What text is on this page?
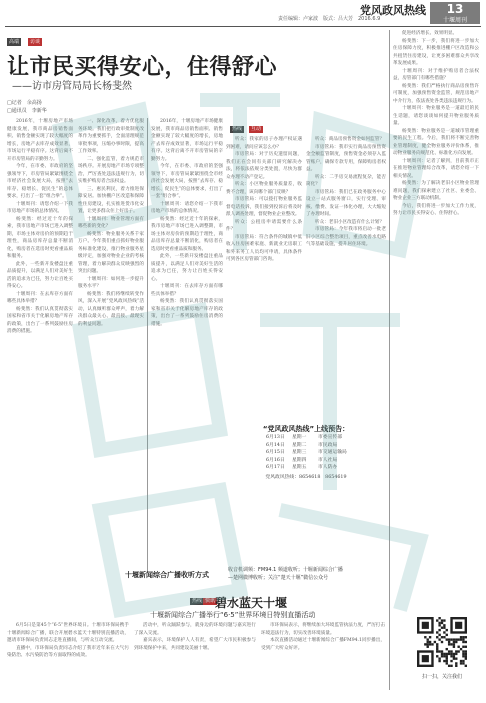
党风政风热线
责任编辑：卢家波　版式：吕大芳　2016.6.9
13
十堰周刊
高端	访谈
让市民买得安心，住得舒心
——访市房管局局长杨斐然
□记者　余高扬
□通讯员　李新华

2016年，十堰房地产市场健康发展，我市商品房销售面积、销售金额实现了较大幅度的增长，房地产去库存成效显著，市场运行平稳有序。这背后离不开市房管局的辛勤努力。

今年，在市委、市政府的坚强领导下，市房管局紧紧围绕全市经济社会发展大局，按照“去库存、稳增长、促民生”的总体要求，打出了一套“组合拳”。

十堰周刊：请您介绍一下我市房地产市场的总体情况。

杨斐然：经过近十年的探索，我市房地产市场已进入调整期，市场主体对房价的预期趋于理性，商品房库存总量不断消化，购房者在选房时更看重品质和服务。

此外，一些新开发楼盘注重品质提升，以满足人们对美好生活的追求为已任，努力让百姓买得安心。

十堰周刊：在去库存方面有哪些具体举措？

杨斐然：我们认真贯彻落实国家和省市关于化解房地产库存的政策，出台了一系列鼓励住房消费的措施。

一、深化改革，着力优化服务环境。我们把行政审批制度改革作为重要抓手，全面清理规范审批事项，压缩办事时限，提高工作效率。

二、强化监管，着力规范市场秩序。开展房地产市场专项整治，严厉查处违法违规行为，切实维护购房者合法权益。

三、惠民利民，着力推进保障安居。加快棚户区改造和保障性住房建设，扎实推进货币化安置，让更多群众住上好房子。

十堰周刊：物业管理方面有哪些新的变化？

杨斐然：物业服务关系千家万户。今年我们重点抓好物业服务标准化建设，推行物业服务星级评定，加强对物业企业的考核管理，着力解决群众反映强烈的突出问题。

十堰周刊：如何进一步提升服务水平？

杨斐然：我们将继续转变作风，深入开展“党风政风热线”活动，认真倾听群众呼声，着力解决群众最关心、最直接、最现实的利益问题。

2016年，十堰房地产市场健康发展，我市商品房销售面积、销售金额实现了较大幅度的增长，房地产去库存成效显著，市场运行平稳有序。这背后离不开市房管局的辛勤努力。

今年，在市委、市政府的坚强领导下，市房管局紧紧围绕全市经济社会发展大局，按照“去库存、稳增长、促民生”的总体要求，打出了一套“组合拳”。

十堰周刊：请您介绍一下我市房地产市场的总体情况。

杨斐然：经过近十年的探索，我市房地产市场已进入调整期，市场主体对房价的预期趋于理性，商品房库存总量不断消化，购房者在选房时更看重品质和服务。

此外，一些新开发楼盘注重品质提升，以满足人们对美好生活的追求为已任，努力让百姓买得安心。

十堰周刊：在去库存方面有哪些具体举措？

杨斐然：我们认真贯彻落实国家和省市关于化解房地产库存的政策，出台了一系列鼓励住房消费的措施。

热线	互动

听众：我家的房子办理产权证遇到困难，请问应该怎么办？

市房管局：对于历史遗留问题，我们正在会同有关部门研究解决办法，将依法依规分类处置，尽快为群众办理不动产登记。

听众：小区物业服务质量差，收费不合理，该向哪个部门反映？

市房管局：可以拨打物业服务监督电话投诉，我们接到投诉后将及时派人调查处理，督促物业企业整改。

听众：公租房申请需要什么条件？

市房管局：符合条件的城镇中低收入住房困难家庭、新就业无房职工和外来务工人员均可申请，具体条件可到各区房管部门咨询。

听众：商品房预售资金如何监管？

市房管局：我市实行商品房预售资金全额监管制度，预售资金必须存入监管账户，确保专款专用，保障购房者权益。

听众：二手房交易流程复杂，能否简化？

市房管局：我们已在政务服务中心设立一站式服务窗口，实行受理、审核、缴费、发证一体化办理，大大缩短了办理时间。

听众：老旧小区改造有什么计划？

市房管局：今年我市将启动一批老旧小区综合整治项目，重点改善水电路气等基础设施，提升居住环境。

“党风政风热线”上线预告：
6月13日 星期一 市委宣传部
6月14日 星期二 市民政局
6月15日 星期三 市交通运输局
6月16日 星期四 市人社局
6月17日 星期五 市人防办
党风政风热线：8654618　8654619

促进经济增长、效果明显。

杨斐然：下一步，我们将进一步加大住房保障力度，积极推进棚户区改造和公共租赁住房建设，让更多困难群众共享改革发展成果。

十堰周刊：对于维护购房者合法权益，房管部门有哪些措施？

杨斐然：我们严格执行商品房预售许可制度，加强预售资金监管，规范房地产中介行为，依法查处各类违法违规行为。

十堰周刊：物业服务是一道最近的民生话题，请您谈谈如何提升物业服务质量。

杨斐然：物业服务是一道城市管理重要的民生工程。今后，我们将不断完善物业管理制度，健全物业服务评价体系，推动物业服务向规范化、标准化方向发展。

十堰周刊：记者了解到，目前我市正在推进物业管理综合改革，请您介绍一下相关情况。

杨斐然：为了解决老旧小区物业管理难问题，我们探索建立了社区、业委会、物业企业三方联动机制。

今后，我们将进一步加大工作力度，努力让市民买得安心、住得舒心。

十堰新闻综合广播收听方式
收音机调频：FM94.1 频道收听；十堰新闻综合广播
—楚网微博收听；关注“楚天十堰”微信公众号
热线 快讯 碧水蓝天十堰
十堰新闻综合广播举行“6·5”世界环境日特别直播活动

6月5日是第45个“6·5”世界环境日。十堰市环保局携手十堰新闻综合广播，联合开展碧水蓝天十堰特别直播活动，邀请市环保局负责同志走进直播间，与听众互动交流。

直播中，市环保局负责同志介绍了我市近年来在大气污染防治、水污染防治等方面取得的成效。

活动中，听众踊跃参与，就身边的环境问题与嘉宾进行了深入交流。

嘉宾表示，环境保护人人有责，希望广大市民积极参与到环境保护中来，共同建设美丽十堰。

市环保局表示，将继续加大环境监管执法力度，严厉打击环境违法行为，切实改善环境质量。

本次直播活动通过十堰新闻综合广播FM94.1同步播出，受到广大听众好评。

扫一扫，关注我们
